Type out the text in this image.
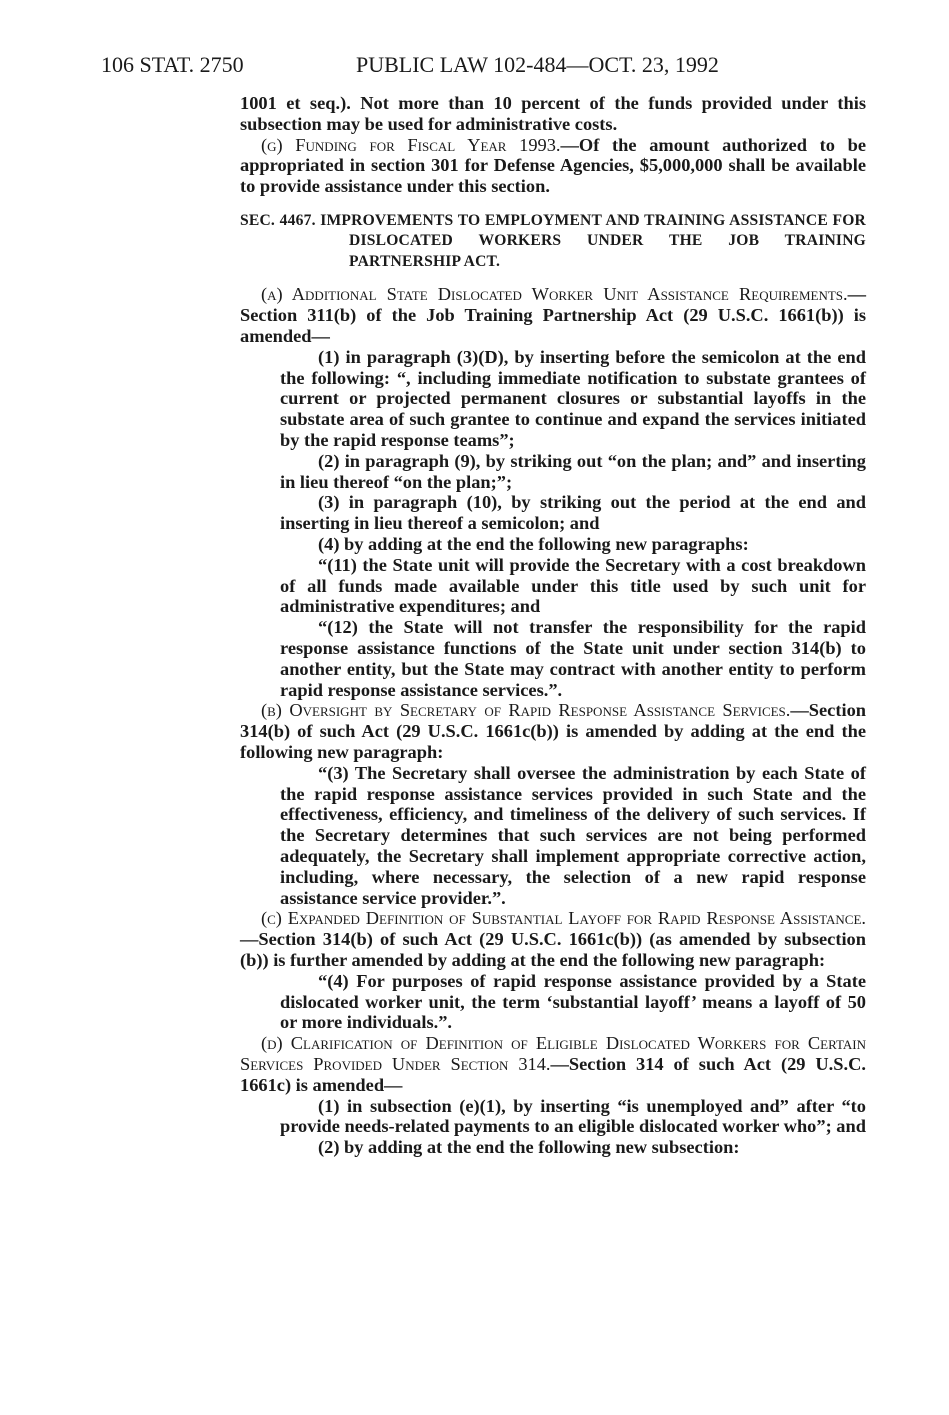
106 STAT. 2750	PUBLIC LAW 102-484—OCT. 23, 1992

1001 et seq.). Not more than 10 percent of the funds provided under this subsection may be used for administrative costs.

(g) Funding for Fiscal Year 1993.—Of the amount authorized to be appropriated in section 301 for Defense Agencies, $5,000,000 shall be available to provide assistance under this section.

SEC. 4467. IMPROVEMENTS TO EMPLOYMENT AND TRAINING ASSISTANCE FOR DISLOCATED WORKERS UNDER THE JOB TRAINING PARTNERSHIP ACT.

(a) Additional State Dislocated Worker Unit Assistance Requirements.—Section 311(b) of the Job Training Partnership Act (29 U.S.C. 1661(b)) is amended—

(1) in paragraph (3)(D), by inserting before the semicolon at the end the following: “, including immediate notification to substate grantees of current or projected permanent closures or substantial layoffs in the substate area of such grantee to continue and expand the services initiated by the rapid response teams”;

(2) in paragraph (9), by striking out “on the plan; and” and inserting in lieu thereof “on the plan;”;

(3) in paragraph (10), by striking out the period at the end and inserting in lieu thereof a semicolon; and

(4) by adding at the end the following new paragraphs:

“(11) the State unit will provide the Secretary with a cost breakdown of all funds made available under this title used by such unit for administrative expenditures; and

“(12) the State will not transfer the responsibility for the rapid response assistance functions of the State unit under section 314(b) to another entity, but the State may contract with another entity to perform rapid response assistance services.”.

(b) Oversight by Secretary of Rapid Response Assistance Services.—Section 314(b) of such Act (29 U.S.C. 1661c(b)) is amended by adding at the end the following new paragraph:

“(3) The Secretary shall oversee the administration by each State of the rapid response assistance services provided in such State and the effectiveness, efficiency, and timeliness of the delivery of such services. If the Secretary determines that such services are not being performed adequately, the Secretary shall implement appropriate corrective action, including, where necessary, the selection of a new rapid response assistance service provider.”.

(c) Expanded Definition of Substantial Layoff for Rapid Response Assistance.—Section 314(b) of such Act (29 U.S.C. 1661c(b)) (as amended by subsection (b)) is further amended by adding at the end the following new paragraph:

“(4) For purposes of rapid response assistance provided by a State dislocated worker unit, the term ‘substantial layoff’ means a layoff of 50 or more individuals.”.

(d) Clarification of Definition of Eligible Dislocated Workers for Certain Services Provided Under Section 314.—Section 314 of such Act (29 U.S.C. 1661c) is amended—

(1) in subsection (e)(1), by inserting “is unemployed and” after “to provide needs-related payments to an eligible dislocated worker who”; and

(2) by adding at the end the following new subsection:
